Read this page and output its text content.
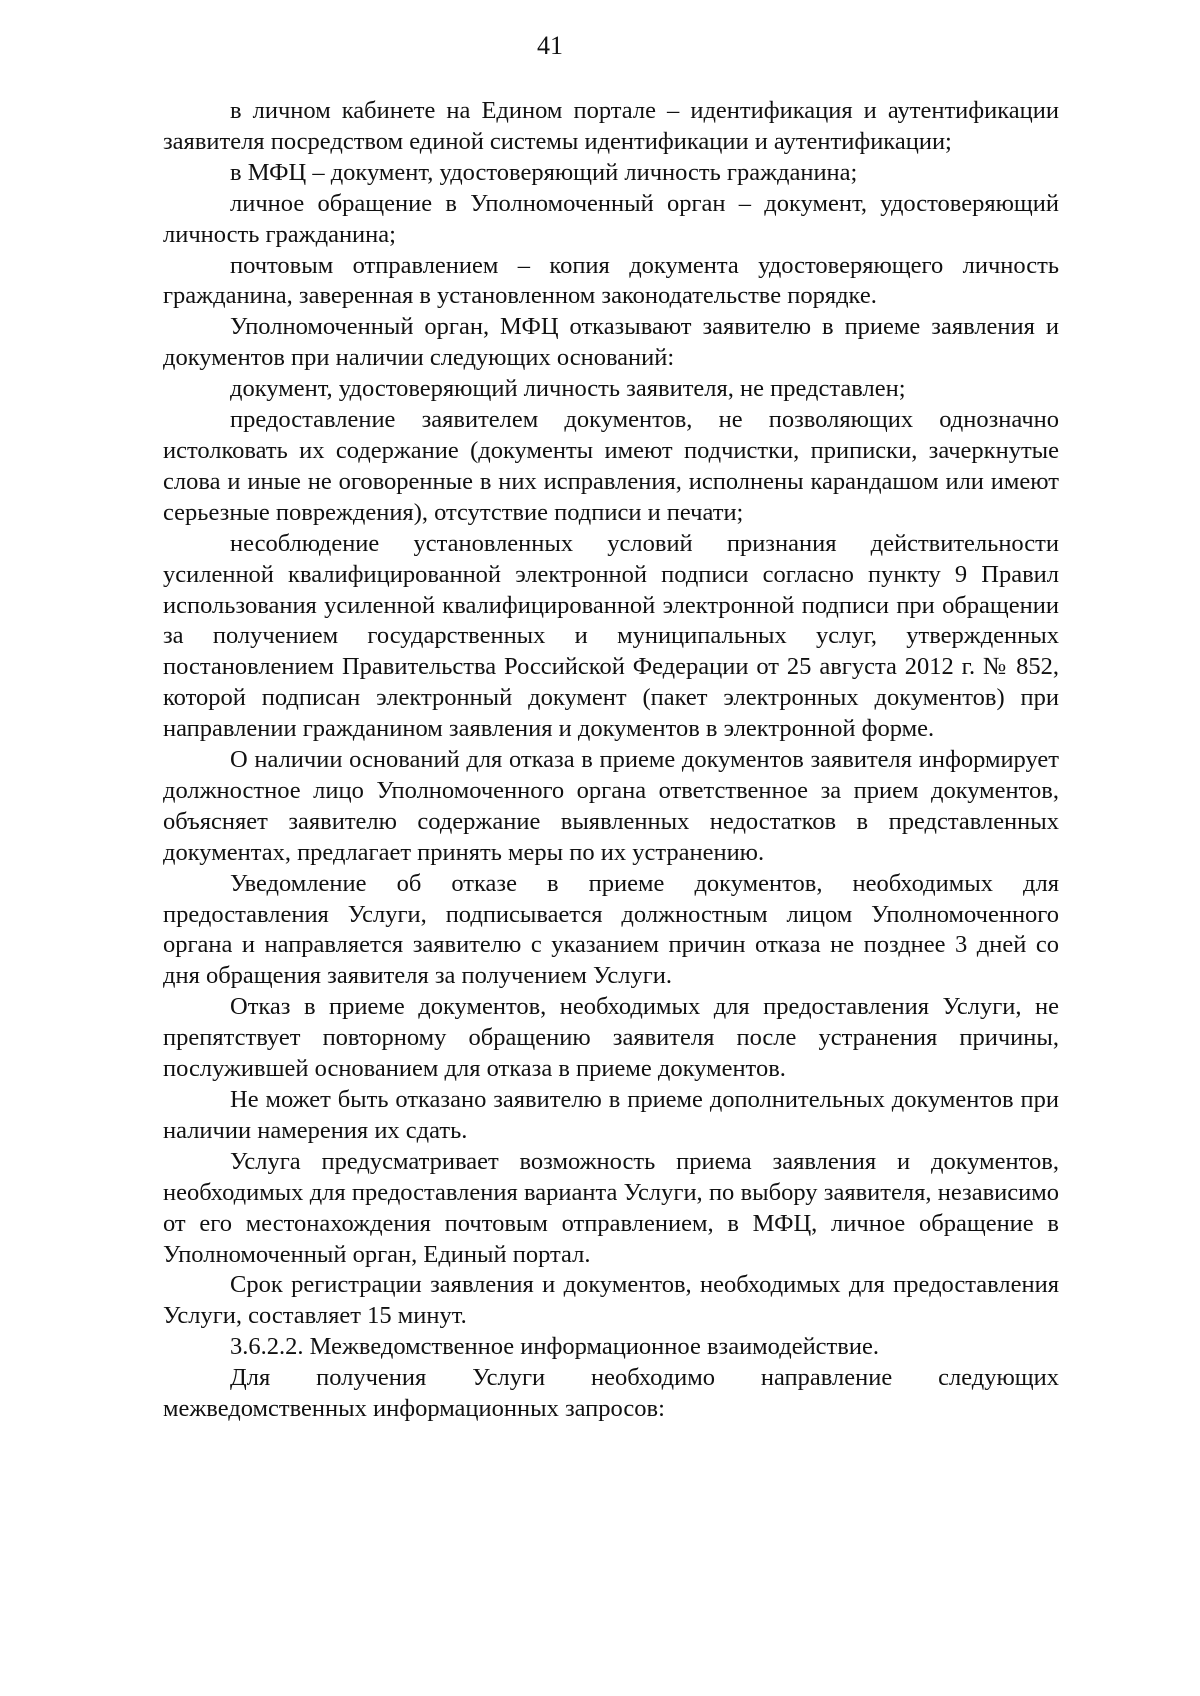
41

в личном кабинете на Едином портале – идентификация и аутентификации заявителя посредством единой системы идентификации и аутентификации;

в МФЦ – документ, удостоверяющий личность гражданина;

личное обращение в Уполномоченный орган – документ, удостоверяющий личность гражданина;

почтовым отправлением – копия документа удостоверяющего личность гражданина, заверенная в установленном законодательстве порядке.

Уполномоченный орган, МФЦ отказывают заявителю в приеме заявления и документов при наличии следующих оснований:

документ, удостоверяющий личность заявителя, не представлен;

предоставление заявителем документов, не позволяющих однозначно истолковать их содержание (документы имеют подчистки, приписки, зачеркнутые слова и иные не оговоренные в них исправления, исполнены карандашом или имеют серьезные повреждения), отсутствие подписи и печати;

несоблюдение установленных условий признания действительности усиленной квалифицированной электронной подписи согласно пункту 9 Правил использования усиленной квалифицированной электронной подписи при обращении за получением государственных и муниципальных услуг, утвержденных постановлением Правительства Российской Федерации от 25 августа 2012 г. № 852, которой подписан электронный документ (пакет электронных документов) при направлении гражданином заявления и документов в электронной форме.

О наличии оснований для отказа в приеме документов заявителя информирует должностное лицо Уполномоченного органа ответственное за прием документов, объясняет заявителю содержание выявленных недостатков в представленных документах, предлагает принять меры по их устранению.

Уведомление об отказе в приеме документов, необходимых для предоставления Услуги, подписывается должностным лицом Уполномоченного органа и направляется заявителю с указанием причин отказа не позднее 3 дней со дня обращения заявителя за получением Услуги.

Отказ в приеме документов, необходимых для предоставления Услуги, не препятствует повторному обращению заявителя после устранения причины, послужившей основанием для отказа в приеме документов.

Не может быть отказано заявителю в приеме дополнительных документов при наличии намерения их сдать.

Услуга предусматривает возможность приема заявления и документов, необходимых для предоставления варианта Услуги, по выбору заявителя, независимо от его местонахождения почтовым отправлением, в МФЦ, личное обращение в Уполномоченный орган, Единый портал.

Срок регистрации заявления и документов, необходимых для предоставления Услуги, составляет 15 минут.

3.6.2.2. Межведомственное информационное взаимодействие.

Для получения Услуги необходимо направление следующих межведомственных информационных запросов:
